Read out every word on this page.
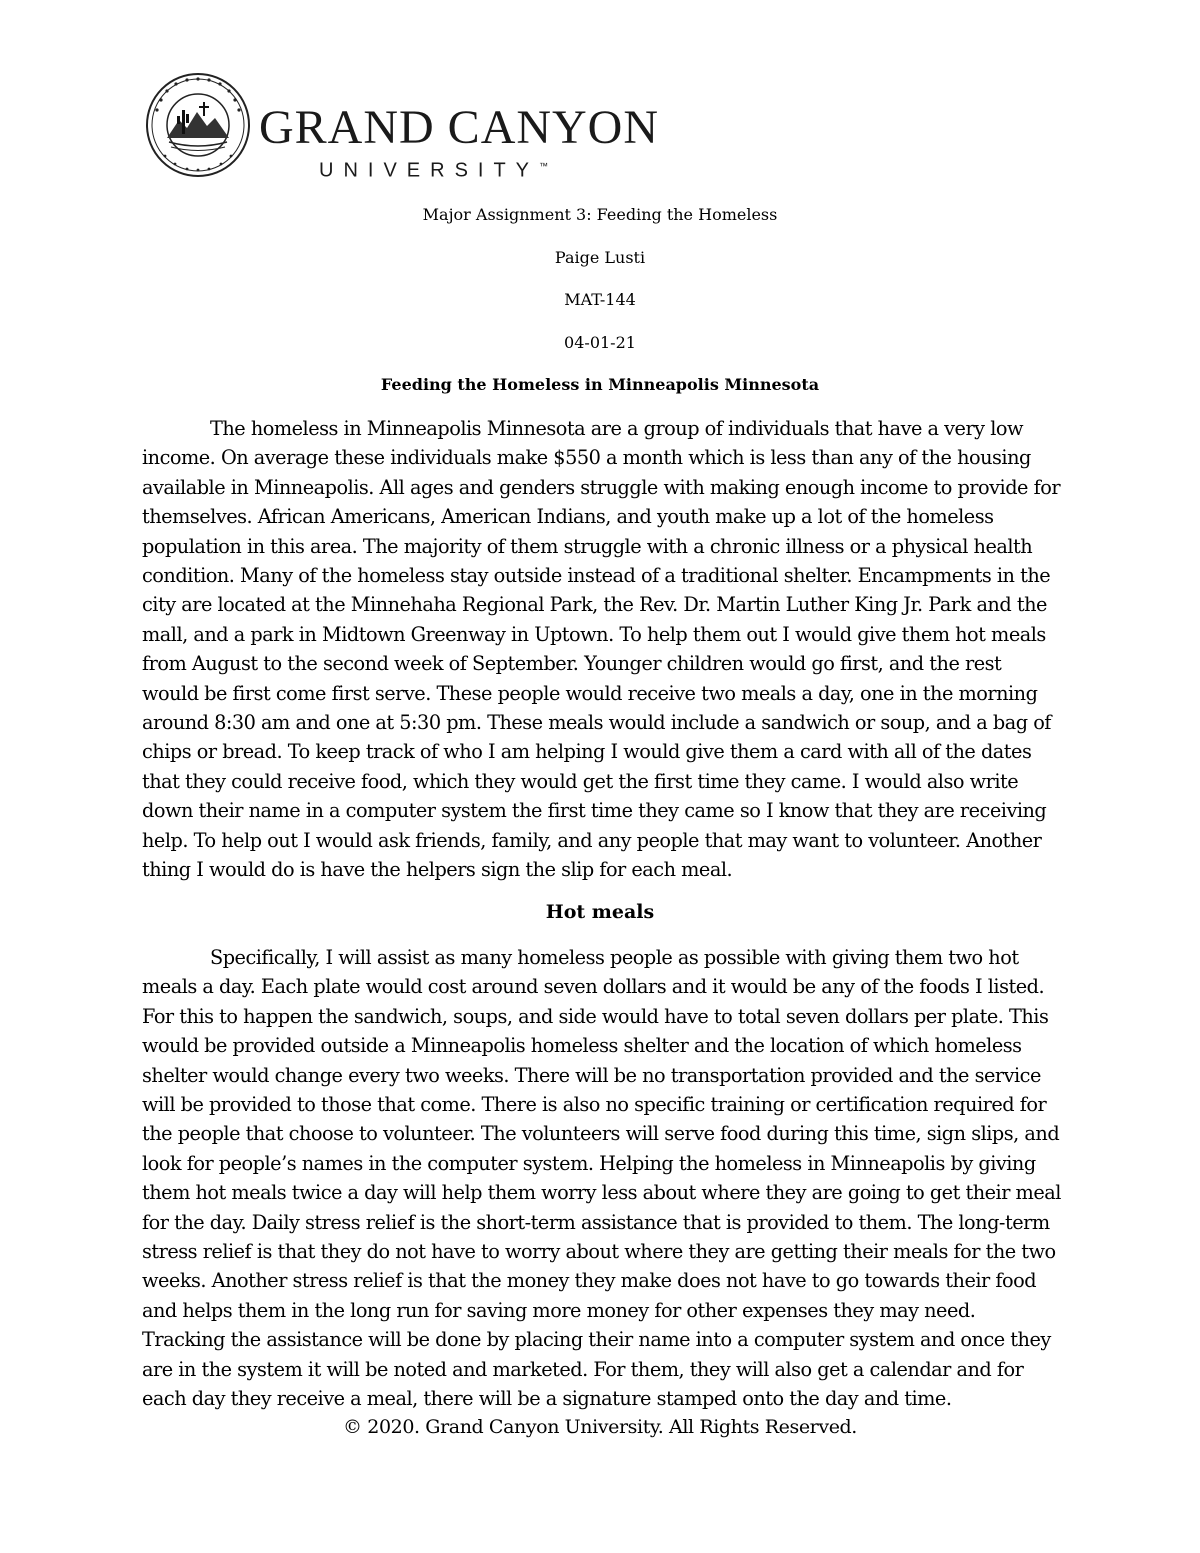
GRAND CANYON
UNIVERSITY™
Major Assignment 3: Feeding the Homeless
Paige Lusti
MAT-144
04-01-21
Feeding the Homeless in Minneapolis Minnesota
The homeless in Minneapolis Minnesota are a group of individuals that have a very low income. On average these individuals make $550 a month which is less than any of the housing available in Minneapolis. All ages and genders struggle with making enough income to provide for themselves. African Americans, American Indians, and youth make up a lot of the homeless population in this area. The majority of them struggle with a chronic illness or a physical health condition. Many of the homeless stay outside instead of a traditional shelter. Encampments in the city are located at the Minnehaha Regional Park, the Rev. Dr. Martin Luther King Jr. Park and the mall, and a park in Midtown Greenway in Uptown. To help them out I would give them hot meals from August to the second week of September. Younger children would go first, and the rest would be first come first serve. These people would receive two meals a day, one in the morning around 8:30 am and one at 5:30 pm. These meals would include a sandwich or soup, and a bag of chips or bread. To keep track of who I am helping I would give them a card with all of the dates that they could receive food, which they would get the first time they came. I would also write down their name in a computer system the first time they came so I know that they are receiving help. To help out I would ask friends, family, and any people that may want to volunteer. Another thing I would do is have the helpers sign the slip for each meal.
Hot meals
Specifically, I will assist as many homeless people as possible with giving them two hot meals a day. Each plate would cost around seven dollars and it would be any of the foods I listed. For this to happen the sandwich, soups, and side would have to total seven dollars per plate. This would be provided outside a Minneapolis homeless shelter and the location of which homeless shelter would change every two weeks. There will be no transportation provided and the service will be provided to those that come. There is also no specific training or certification required for the people that choose to volunteer. The volunteers will serve food during this time, sign slips, and look for people’s names in the computer system. Helping the homeless in Minneapolis by giving them hot meals twice a day will help them worry less about where they are going to get their meal for the day. Daily stress relief is the short-term assistance that is provided to them. The long-term stress relief is that they do not have to worry about where they are getting their meals for the two weeks. Another stress relief is that the money they make does not have to go towards their food and helps them in the long run for saving more money for other expenses they may need. Tracking the assistance will be done by placing their name into a computer system and once they are in the system it will be noted and marketed. For them, they will also get a calendar and for each day they receive a meal, there will be a signature stamped onto the day and time.
© 2020. Grand Canyon University. All Rights Reserved.
